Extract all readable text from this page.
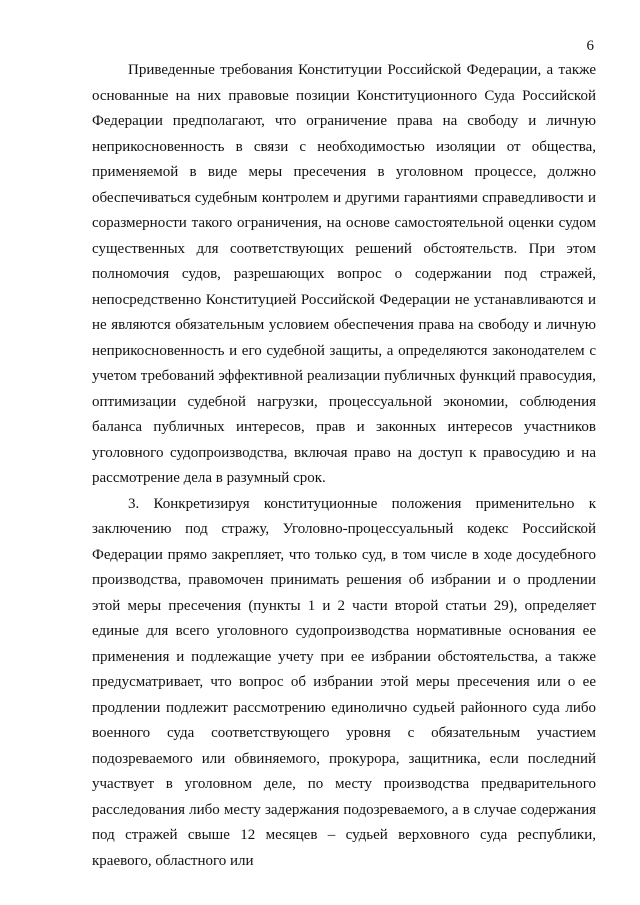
6

Приведенные требования Конституции Российской Федерации, а также основанные на них правовые позиции Конституционного Суда Российской Федерации предполагают, что ограничение права на свободу и личную неприкосновенность в связи с необходимостью изоляции от общества, применяемой в виде меры пресечения в уголовном процессе, должно обеспечиваться судебным контролем и другими гарантиями справедливости и соразмерности такого ограничения, на основе самостоятельной оценки судом существенных для соответствующих решений обстоятельств. При этом полномочия судов, разрешающих вопрос о содержании под стражей, непосредственно Конституцией Российской Федерации не устанавливаются и не являются обязательным условием обеспечения права на свободу и личную неприкосновенность и его судебной защиты, а определяются законодателем с учетом требований эффективной реализации публичных функций правосудия, оптимизации судебной нагрузки, процессуальной экономии, соблюдения баланса публичных интересов, прав и законных интересов участников уголовного судопроизводства, включая право на доступ к правосудию и на рассмотрение дела в разумный срок.

3. Конкретизируя конституционные положения применительно к заключению под стражу, Уголовно-процессуальный кодекс Российской Федерации прямо закрепляет, что только суд, в том числе в ходе досудебного производства, правомочен принимать решения об избрании и о продлении этой меры пресечения (пункты 1 и 2 части второй статьи 29), определяет единые для всего уголовного судопроизводства нормативные основания ее применения и подлежащие учету при ее избрании обстоятельства, а также предусматривает, что вопрос об избрании этой меры пресечения или о ее продлении подлежит рассмотрению единолично судьей районного суда либо военного суда соответствующего уровня с обязательным участием подозреваемого или обвиняемого, прокурора, защитника, если последний участвует в уголовном деле, по месту производства предварительного расследования либо месту задержания подозреваемого, а в случае содержания под стражей свыше 12 месяцев – судьей верховного суда республики, краевого, областного или
